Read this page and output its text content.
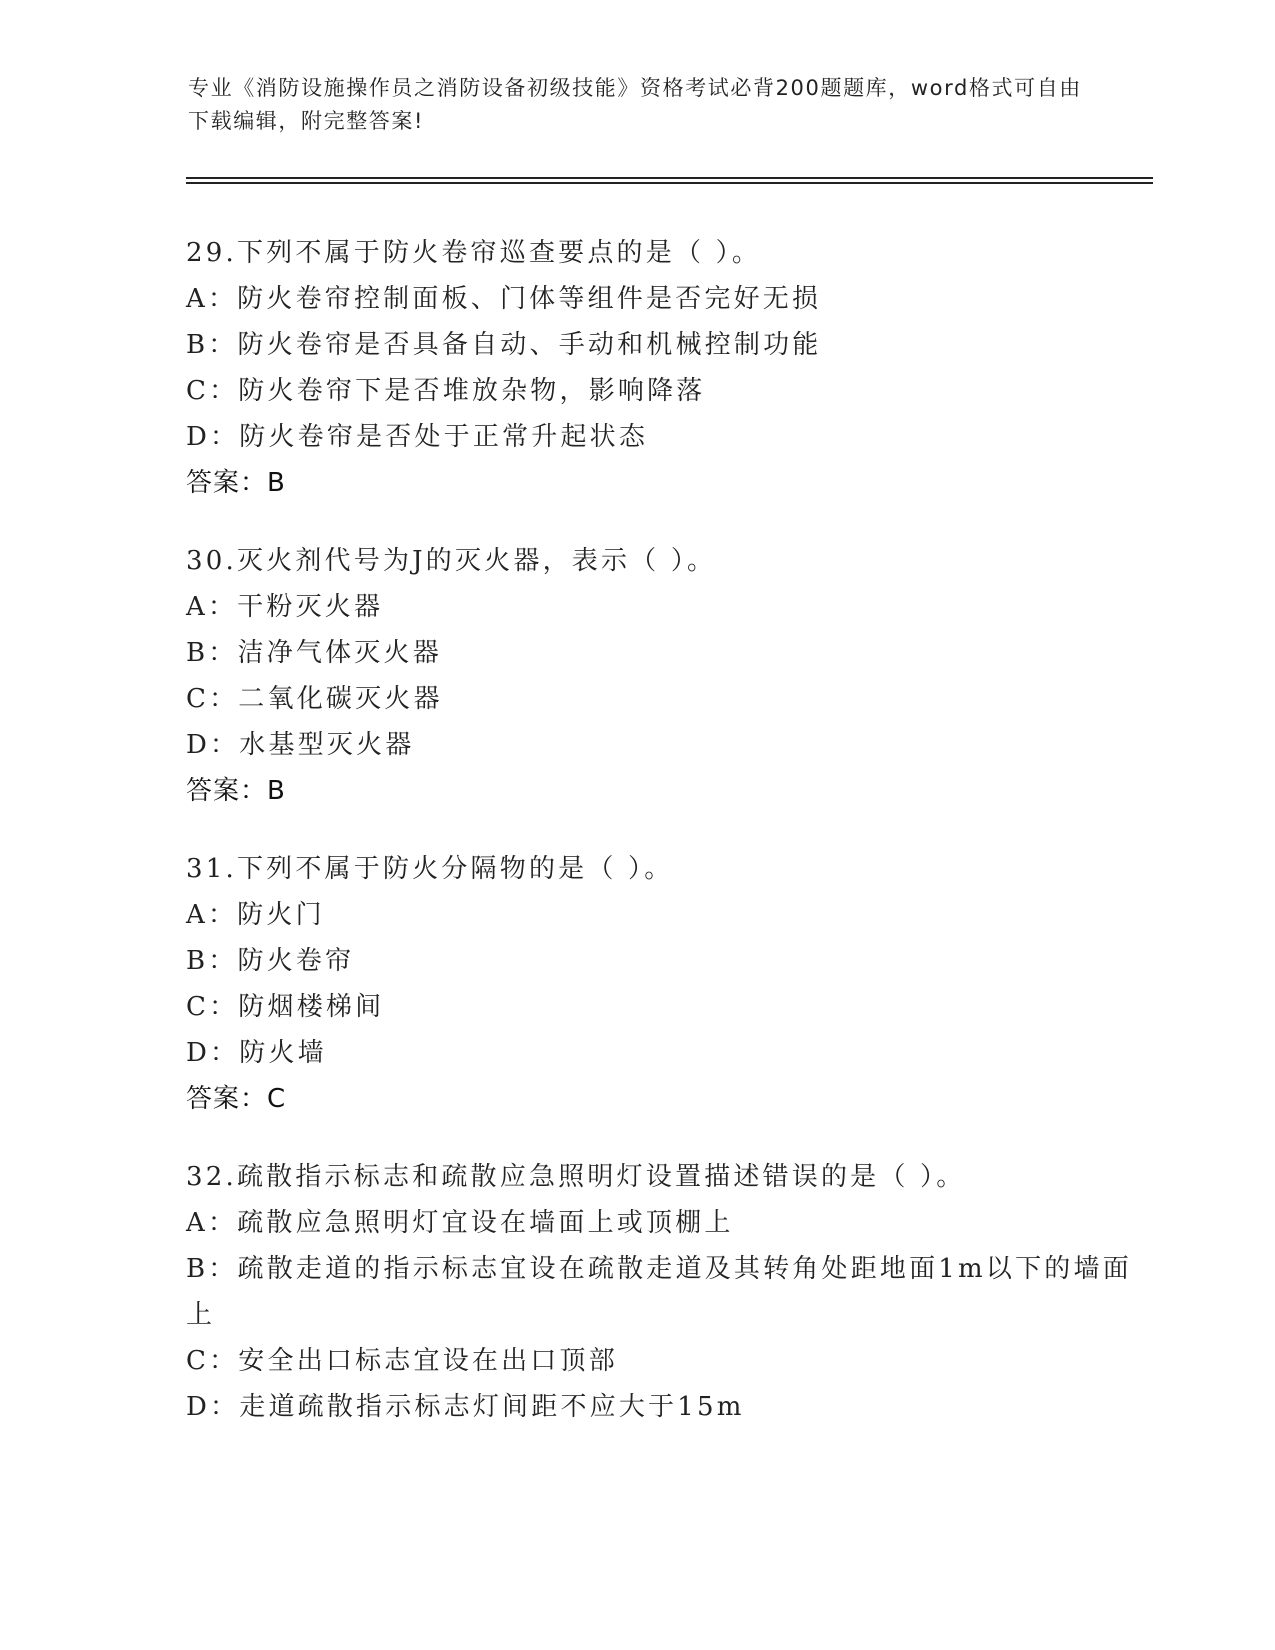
专业《消防设施操作员之消防设备初级技能》资格考试必背200题题库，word格式可自由下载编辑，附完整答案!
29.下列不属于防火卷帘巡查要点的是（ ）。
A：防火卷帘控制面板、门体等组件是否完好无损
B：防火卷帘是否具备自动、手动和机械控制功能
C：防火卷帘下是否堆放杂物，影响降落
D：防火卷帘是否处于正常升起状态
答案：B
30.灭火剂代号为J的灭火器，表示（ ）。
A：干粉灭火器
B：洁净气体灭火器
C：二氧化碳灭火器
D：水基型灭火器
答案：B
31.下列不属于防火分隔物的是（ ）。
A：防火门
B：防火卷帘
C：防烟楼梯间
D：防火墙
答案：C
32.疏散指示标志和疏散应急照明灯设置描述错误的是（ ）。
A：疏散应急照明灯宜设在墙面上或顶棚上
B：疏散走道的指示标志宜设在疏散走道及其转角处距地面1m以下的墙面上
C：安全出口标志宜设在出口顶部
D：走道疏散指示标志灯间距不应大于15m
